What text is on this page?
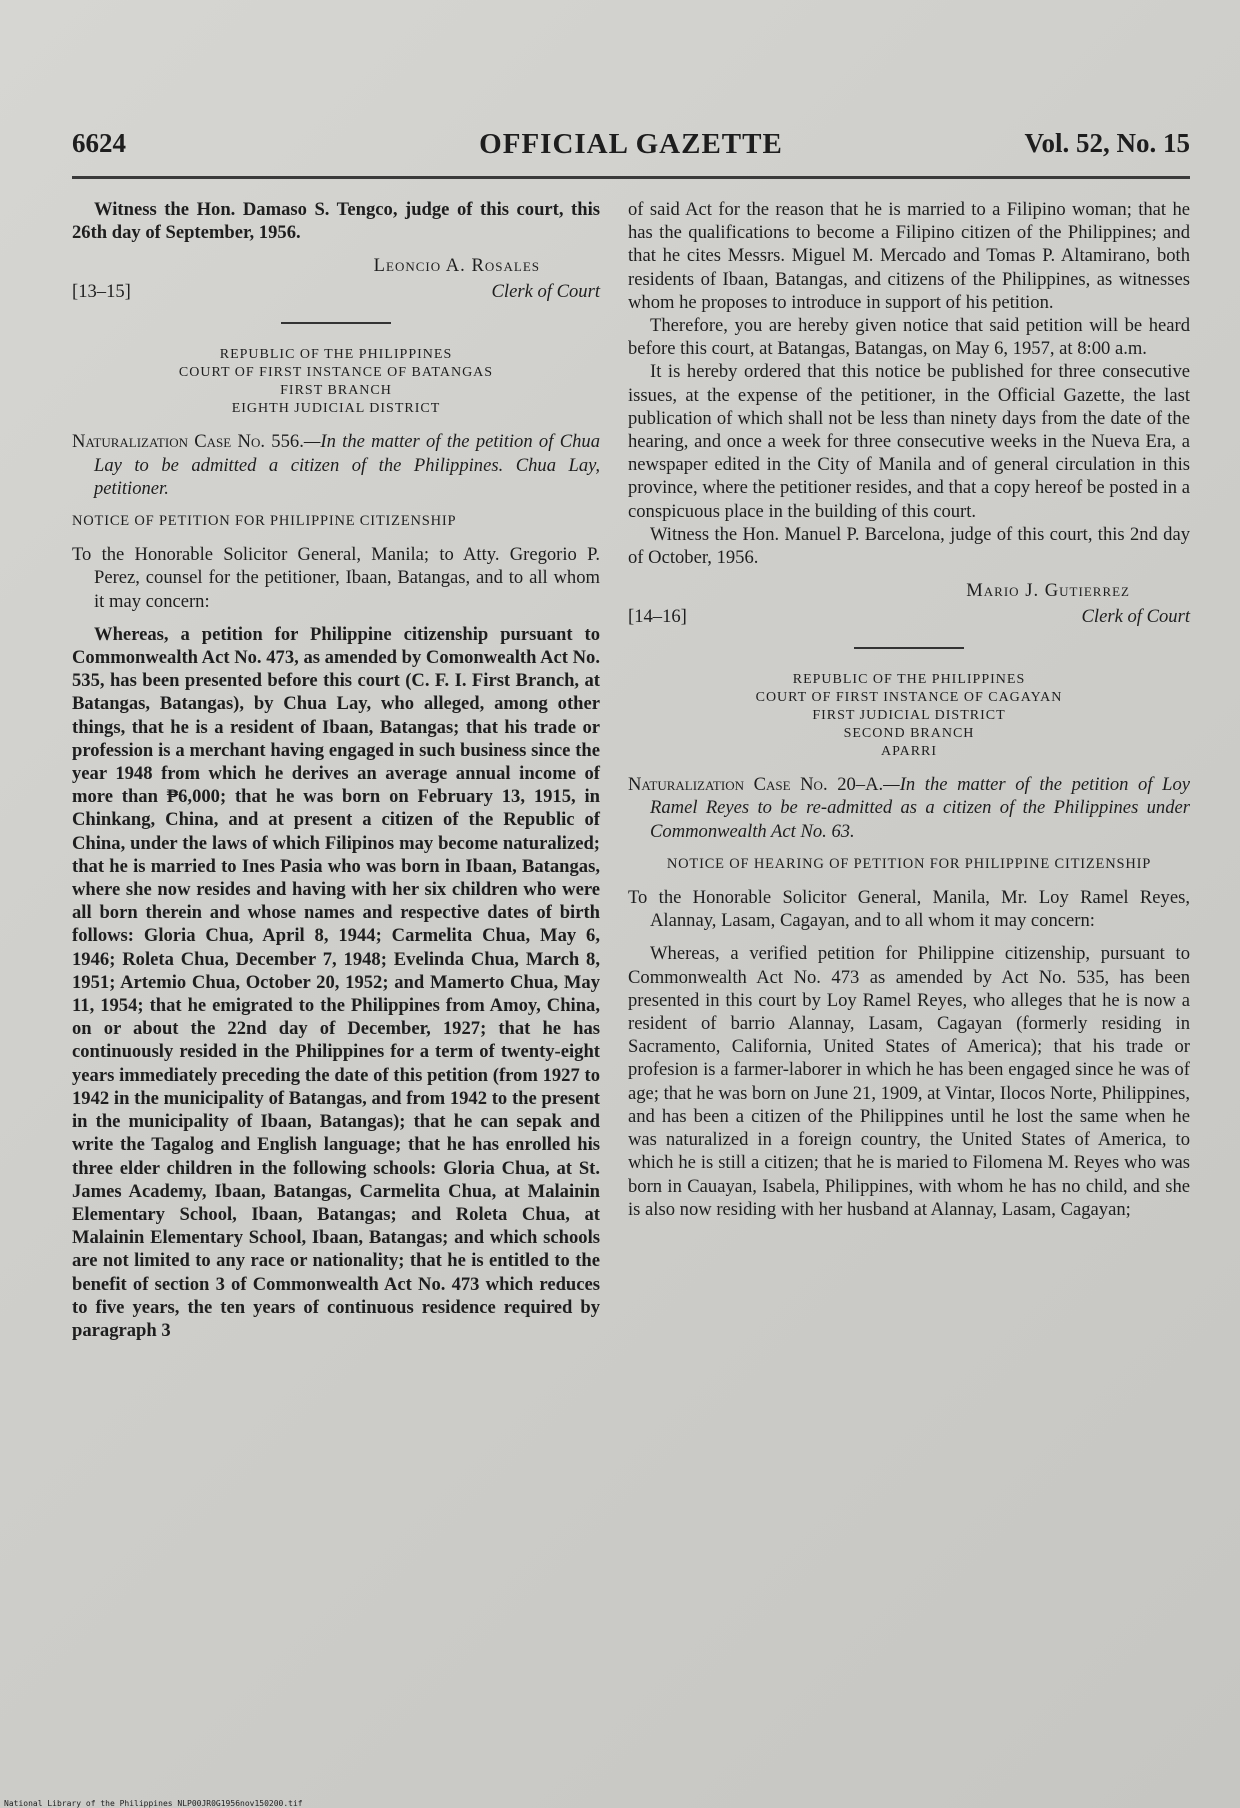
6624	OFFICIAL GAZETTE	Vol. 52, No. 15

Witness the Hon. Damaso S. Tengco, judge of this court, this 26th day of September, 1956.

Leoncio A. Rosales
[13–15]	Clerk of Court
REPUBLIC OF THE PHILIPPINES
COURT OF FIRST INSTANCE OF BATANGAS
FIRST BRANCH
EIGHTH JUDICIAL DISTRICT

Naturalization Case No. 556.—In the matter of the petition of Chua Lay to be admitted a citizen of the Philippines. Chua Lay, petitioner.

NOTICE OF PETITION FOR PHILIPPINE CITIZENSHIP

To the Honorable Solicitor General, Manila; to Atty. Gregorio P. Perez, counsel for the petitioner, Ibaan, Batangas, and to all whom it may concern:

Whereas, a petition for Philippine citizenship pursuant to Commonwealth Act No. 473, as amended by Comonwealth Act No. 535, has been presented before this court (C. F. I. First Branch, at Batangas, Batangas), by Chua Lay, who alleged, among other things, that he is a resident of Ibaan, Batangas; that his trade or profession is a merchant having engaged in such business since the year 1948 from which he derives an average annual income of more than ₱6,000; that he was born on February 13, 1915, in Chinkang, China, and at present a citizen of the Republic of China, under the laws of which Filipinos may become naturalized; that he is married to Ines Pasia who was born in Ibaan, Batangas, where she now resides and having with her six children who were all born therein and whose names and respective dates of birth follows: Gloria Chua, April 8, 1944; Carmelita Chua, May 6, 1946; Roleta Chua, December 7, 1948; Evelinda Chua, March 8, 1951; Artemio Chua, October 20, 1952; and Mamerto Chua, May 11, 1954; that he emigrated to the Philippines from Amoy, China, on or about the 22nd day of December, 1927; that he has continuously resided in the Philippines for a term of twenty-eight years immediately preceding the date of this petition (from 1927 to 1942 in the municipality of Batangas, and from 1942 to the present in the municipality of Ibaan, Batangas); that he can sepak and write the Tagalog and English language; that he has enrolled his three elder children in the following schools: Gloria Chua, at St. James Academy, Ibaan, Batangas, Carmelita Chua, at Malainin Elementary School, Ibaan, Batangas; and Roleta Chua, at Malainin Elementary School, Ibaan, Batangas; and which schools are not limited to any race or nationality; that he is entitled to the benefit of section 3 of Commonwealth Act No. 473 which reduces to five years, the ten years of continuous residence required by paragraph 3

of said Act for the reason that he is married to a Filipino woman; that he has the qualifications to become a Filipino citizen of the Philippines; and that he cites Messrs. Miguel M. Mercado and Tomas P. Altamirano, both residents of Ibaan, Batangas, and citizens of the Philippines, as witnesses whom he proposes to introduce in support of his petition.

Therefore, you are hereby given notice that said petition will be heard before this court, at Batangas, Batangas, on May 6, 1957, at 8:00 a.m.

It is hereby ordered that this notice be published for three consecutive issues, at the expense of the petitioner, in the Official Gazette, the last publication of which shall not be less than ninety days from the date of the hearing, and once a week for three consecutive weeks in the Nueva Era, a newspaper edited in the City of Manila and of general circulation in this province, where the petitioner resides, and that a copy hereof be posted in a conspicuous place in the building of this court.

Witness the Hon. Manuel P. Barcelona, judge of this court, this 2nd day of October, 1956.

Mario J. Gutierrez
[14–16]	Clerk of Court
REPUBLIC OF THE PHILIPPINES
COURT OF FIRST INSTANCE OF CAGAYAN
FIRST JUDICIAL DISTRICT
SECOND BRANCH
APARRI

Naturalization Case No. 20–A.—In the matter of the petition of Loy Ramel Reyes to be re-admitted as a citizen of the Philippines under Commonwealth Act No. 63.

NOTICE OF HEARING OF PETITION FOR PHILIPPINE CITIZENSHIP

To the Honorable Solicitor General, Manila, Mr. Loy Ramel Reyes, Alannay, Lasam, Cagayan, and to all whom it may concern:

Whereas, a verified petition for Philippine citizenship, pursuant to Commonwealth Act No. 473 as amended by Act No. 535, has been presented in this court by Loy Ramel Reyes, who alleges that he is now a resident of barrio Alannay, Lasam, Cagayan (formerly residing in Sacramento, California, United States of America); that his trade or profesion is a farmer-laborer in which he has been engaged since he was of age; that he was born on June 21, 1909, at Vintar, Ilocos Norte, Philippines, and has been a citizen of the Philippines until he lost the same when he was naturalized in a foreign country, the United States of America, to which he is still a citizen; that he is maried to Filomena M. Reyes who was born in Cauayan, Isabela, Philippines, with whom he has no child, and she is also now residing with her husband at Alannay, Lasam, Cagayan;

National Library of the Philippines NLP00JR0G1956nov150200.tif
